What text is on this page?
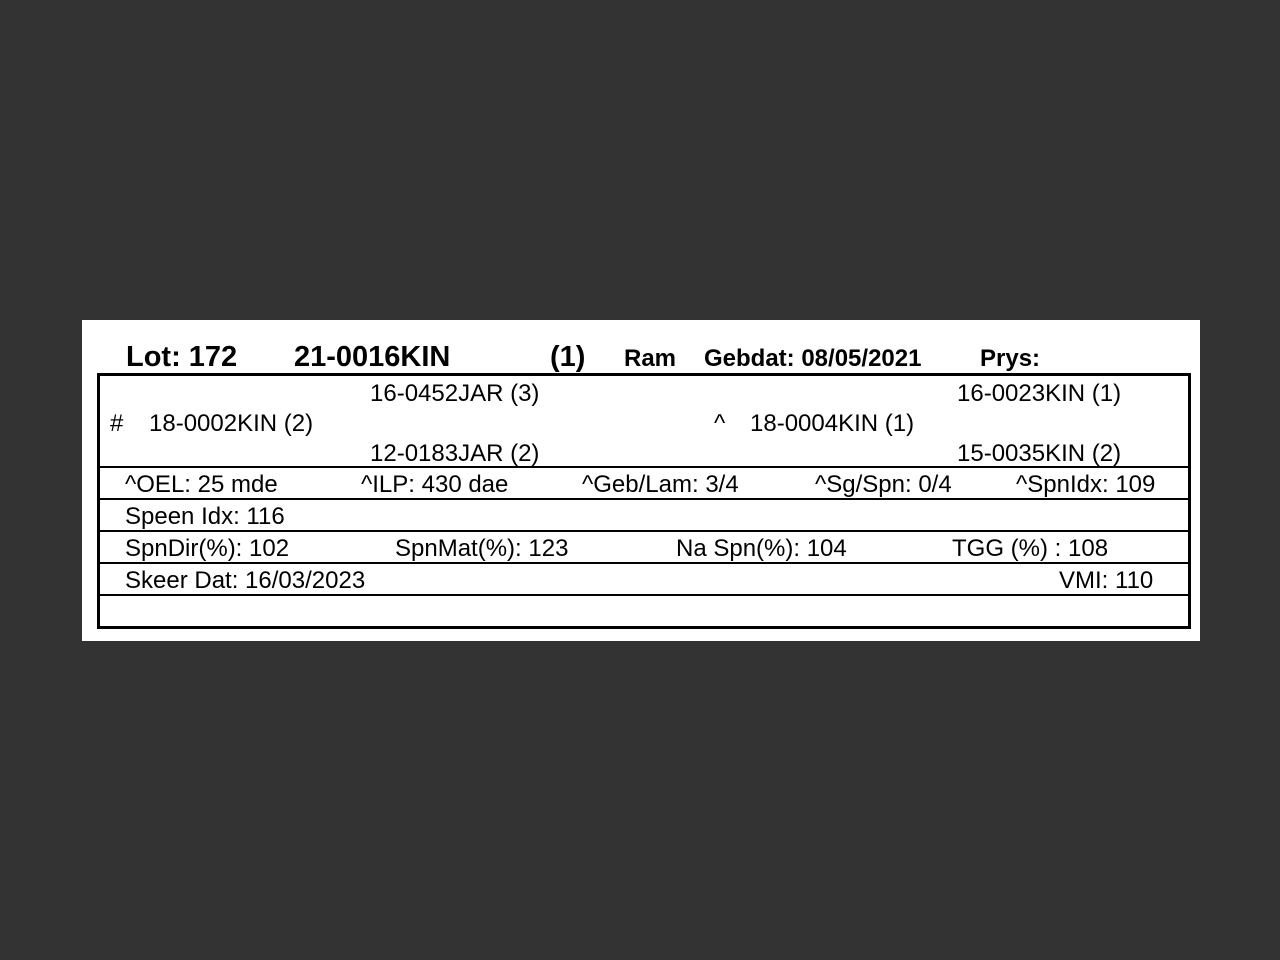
Lot: 172 21-0016KIN	(1) Ram Gebdat: 08/05/2021 Prys:
16-0452JAR (3)
# 18-0002KIN (2)
12-0183JAR (2)
16-0023KIN (1)
^ 18-0004KIN (1)
15-0035KIN (2)
^OEL: 25 mde	^ILP: 430 dae	^Geb/Lam: 3/4	^Sg/Spn: 0/4	^SpnIdx: 109
Speen Idx: 116
SpnDir(%): 102	SpnMat(%): 123	Na Spn(%): 104	TGG (%) : 108
Skeer Dat: 16/03/2023	VMI: 110
